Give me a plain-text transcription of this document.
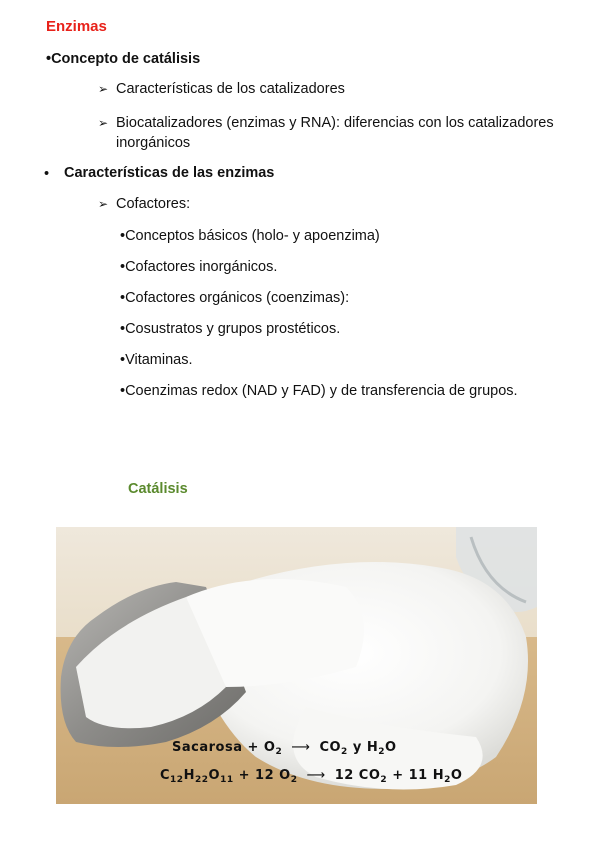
Enzimas
•Concepto de catálisis
➢ Características de los catalizadores
➢ Biocatalizadores (enzimas y RNA): diferencias con los catalizadores inorgánicos
• Características de las enzimas
➢ Cofactores:
•Conceptos básicos (holo- y apoenzima)
•Cofactores inorgánicos.
•Cofactores orgánicos (coenzimas):
•Cosustratos y grupos prostéticos.
•Vitaminas.
•Coenzimas redox (NAD y FAD) y de transferencia de grupos.
Catálisis
Sacarosa + $O_2$ ⟶ $CO_2$ y $H_2O$
$C_{12}H_{22}O_{11} + 12$ $O_2$ ⟶ 12 $CO_2 + 11$ $H_2O$
